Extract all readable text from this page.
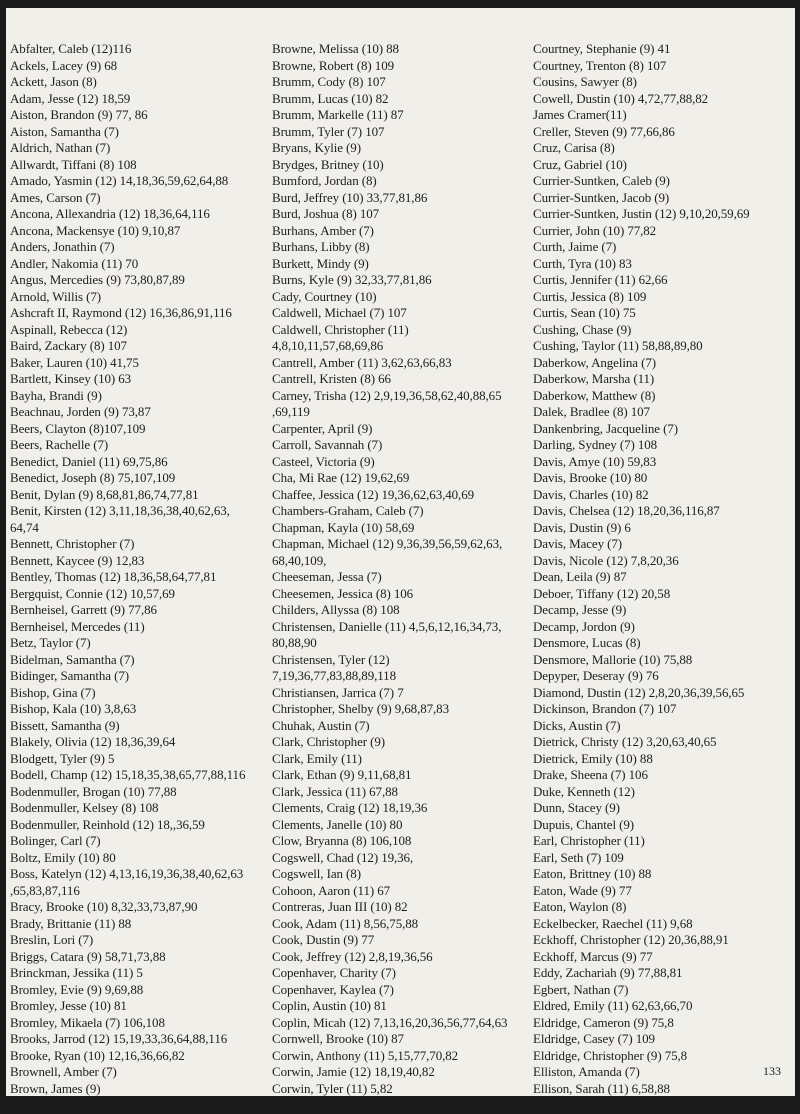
Abfalter, Caleb (12)116
Ackels, Lacey (9) 68
Ackett, Jason (8)
Adam, Jesse (12) 18,59
Aiston, Brandon (9) 77, 86
Aiston, Samantha (7)
Aldrich, Nathan (7)
Allwardt, Tiffani (8) 108
Amado, Yasmin (12) 14,18,36,59,62,64,88
Ames, Carson (7)
Ancona, Allexandria (12) 18,36,64,116
Ancona, Mackensye (10) 9,10,87
Anders, Jonathin (7)
Andler, Nakomia (11) 70
Angus, Mercedies (9) 73,80,87,89
Arnold, Willis (7)
Ashcraft II, Raymond (12) 16,36,86,91,116
Aspinall, Rebecca (12)
Baird, Zackary (8) 107
Baker, Lauren (10) 41,75
Bartlett, Kinsey (10) 63
Bayha, Brandi (9)
Beachnau, Jorden (9) 73,87
Beers, Clayton (8)107,109
Beers, Rachelle (7)
Benedict, Daniel (11) 69,75,86
Benedict, Joseph (8) 75,107,109
Benit, Dylan (9) 8,68,81,86,74,77,81
Benit, Kirsten (12) 3,11,18,36,38,40,62,63,
64,74
Bennett, Christopher (7)
Bennett, Kaycee (9) 12,83
Bentley, Thomas (12) 18,36,58,64,77,81
Bergquist, Connie (12) 10,57,69
Bernheisel, Garrett (9) 77,86
Bernheisel, Mercedes (11)
Betz, Taylor (7)
Bidelman, Samantha (7)
Bidinger, Samantha (7)
Bishop, Gina (7)
Bishop, Kala (10) 3,8,63
Bissett, Samantha (9)
Blakely, Olivia (12) 18,36,39,64
Blodgett, Tyler (9) 5
Bodell, Champ (12) 15,18,35,38,65,77,88,116
Bodenmuller, Brogan (10) 77,88
Bodenmuller, Kelsey (8) 108
Bodenmuller, Reinhold (12) 18,,36,59
Bolinger, Carl (7)
Boltz, Emily (10) 80
Boss, Katelyn (12) 4,13,16,19,36,38,40,62,63
,65,83,87,116
Bracy, Brooke (10) 8,32,33,73,87,90
Brady, Brittanie (11) 88
Breslin, Lori (7)
Briggs, Catara (9) 58,71,73,88
Brinckman, Jessika (11) 5
Bromley, Evie (9) 9,69,88
Bromley, Jesse (10) 81
Bromley, Mikaela (7) 106,108
Brooks, Jarrod (12) 15,19,33,36,64,88,116
Brooke, Ryan (10) 12,16,36,66,82
Brownell, Amber (7)
Brown, James (9)
Brown, Mary (10)
Browne, Melissa (10) 88
Browne, Robert (8) 109
Brumm, Cody (8) 107
Brumm, Lucas (10) 82
Brumm, Markelle (11) 87
Brumm, Tyler (7) 107
Bryans, Kylie (9)
Brydges, Britney (10)
Bumford, Jordan (8)
Burd, Jeffrey (10) 33,77,81,86
Burd, Joshua (8) 107
Burhans, Amber (7)
Burhans, Libby (8)
Burkett, Mindy (9)
Burns, Kyle (9) 32,33,77,81,86
Cady, Courtney (10)
Caldwell, Michael (7) 107
Caldwell, Christopher (11)
4,8,10,11,57,68,69,86
Cantrell, Amber (11) 3,62,63,66,83
Cantrell, Kristen (8) 66
Carney, Trisha (12) 2,9,19,36,58,62,40,88,65
,69,119
Carpenter, April (9)
Carroll, Savannah (7)
Casteel, Victoria (9)
Cha, Mi Rae (12) 19,62,69
Chaffee, Jessica (12) 19,36,62,63,40,69
Chambers-Graham, Caleb (7)
Chapman, Kayla (10) 58,69
Chapman, Michael (12) 9,36,39,56,59,62,63,
68,40,109,
Cheeseman, Jessa (7)
Cheesemen, Jessica (8) 106
Childers, Allyssa (8) 108
Christensen, Danielle (11) 4,5,6,12,16,34,73,
80,88,90
Christensen, Tyler (12)
7,19,36,77,83,88,89,118
Christiansen, Jarrica (7) 7
Christopher, Shelby (9) 9,68,87,83
Chuhak, Austin (7)
Clark, Christopher (9)
Clark, Emily (11)
Clark, Ethan (9) 9,11,68,81
Clark, Jessica (11) 67,88
Clements, Craig (12) 18,19,36
Clements, Janelle (10) 80
Clow, Bryanna (8) 106,108
Cogswell, Chad (12) 19,36,
Cogswell, Ian (8)
Cohoon, Aaron (11) 67
Contreras, Juan III (10) 82
Cook, Adam (11) 8,56,75,88
Cook, Dustin (9) 77
Cook, Jeffrey (12) 2,8,19,36,56
Copenhaver, Charity (7)
Copenhaver, Kaylea (7)
Coplin, Austin (10) 81
Coplin, Micah (12) 7,13,16,20,36,56,77,64,63
Cornwell, Brooke (10) 87
Corwin, Anthony (11) 5,15,77,70,82
Corwin, Jamie (12) 18,19,40,82
Corwin, Tyler (11) 5,82
Cosgrove, Brandon (9) 77,86
Courtney, Stephanie (9) 41
Courtney, Trenton (8) 107
Cousins, Sawyer (8)
Cowell, Dustin (10) 4,72,77,88,82
James Cramer(11)
Creller, Steven (9) 77,66,86
Cruz, Carisa (8)
Cruz, Gabriel (10)
Currier-Suntken, Caleb (9)
Currier-Suntken, Jacob (9)
Currier-Suntken, Justin (12) 9,10,20,59,69
Currier, John (10) 77,82
Curth, Jaime (7)
Curth, Tyra (10) 83
Curtis, Jennifer (11) 62,66
Curtis, Jessica (8) 109
Curtis, Sean (10) 75
Cushing, Chase (9)
Cushing, Taylor (11) 58,88,89,80
Daberkow, Angelina (7)
Daberkow, Marsha (11)
Daberkow, Matthew (8)
Dalek, Bradlee (8) 107
Dankenbring, Jacqueline (7)
Darling, Sydney (7) 108
Davis, Amye (10) 59,83
Davis, Brooke (10) 80
Davis, Charles (10) 82
Davis, Chelsea (12) 18,20,36,116,87
Davis, Dustin (9) 6
Davis, Macey (7)
Davis, Nicole (12) 7,8,20,36
Dean, Leila (9) 87
Deboer, Tiffany (12) 20,58
Decamp, Jesse (9)
Decamp, Jordon (9)
Densmore, Lucas (8)
Densmore, Mallorie (10) 75,88
Depyper, Deseray (9) 76
Diamond, Dustin (12) 2,8,20,36,39,56,65
Dickinson, Brandon (7) 107
Dicks, Austin (7)
Dietrick, Christy (12) 3,20,63,40,65
Dietrick, Emily (10) 88
Drake, Sheena (7) 106
Duke, Kenneth (12)
Dunn, Stacey (9)
Dupuis, Chantel (9)
Earl, Christopher (11)
Earl, Seth (7) 109
Eaton, Brittney (10) 88
Eaton, Wade (9) 77
Eaton, Waylon (8)
Eckelbecker, Raechel (11) 9,68
Eckhoff, Christopher (12) 20,36,88,91
Eckhoff, Marcus (9) 77
Eddy, Zachariah (9) 77,88,81
Egbert, Nathan (7)
Eldred, Emily (11) 62,63,66,70
Eldridge, Cameron (9) 75,8
Eldridge, Casey (7) 109
Eldridge, Christopher (9) 75,8
Elliston, Amanda (7)
Ellison, Sarah (11) 6,58,88
Ells, Ashley (8) 106,108
133
